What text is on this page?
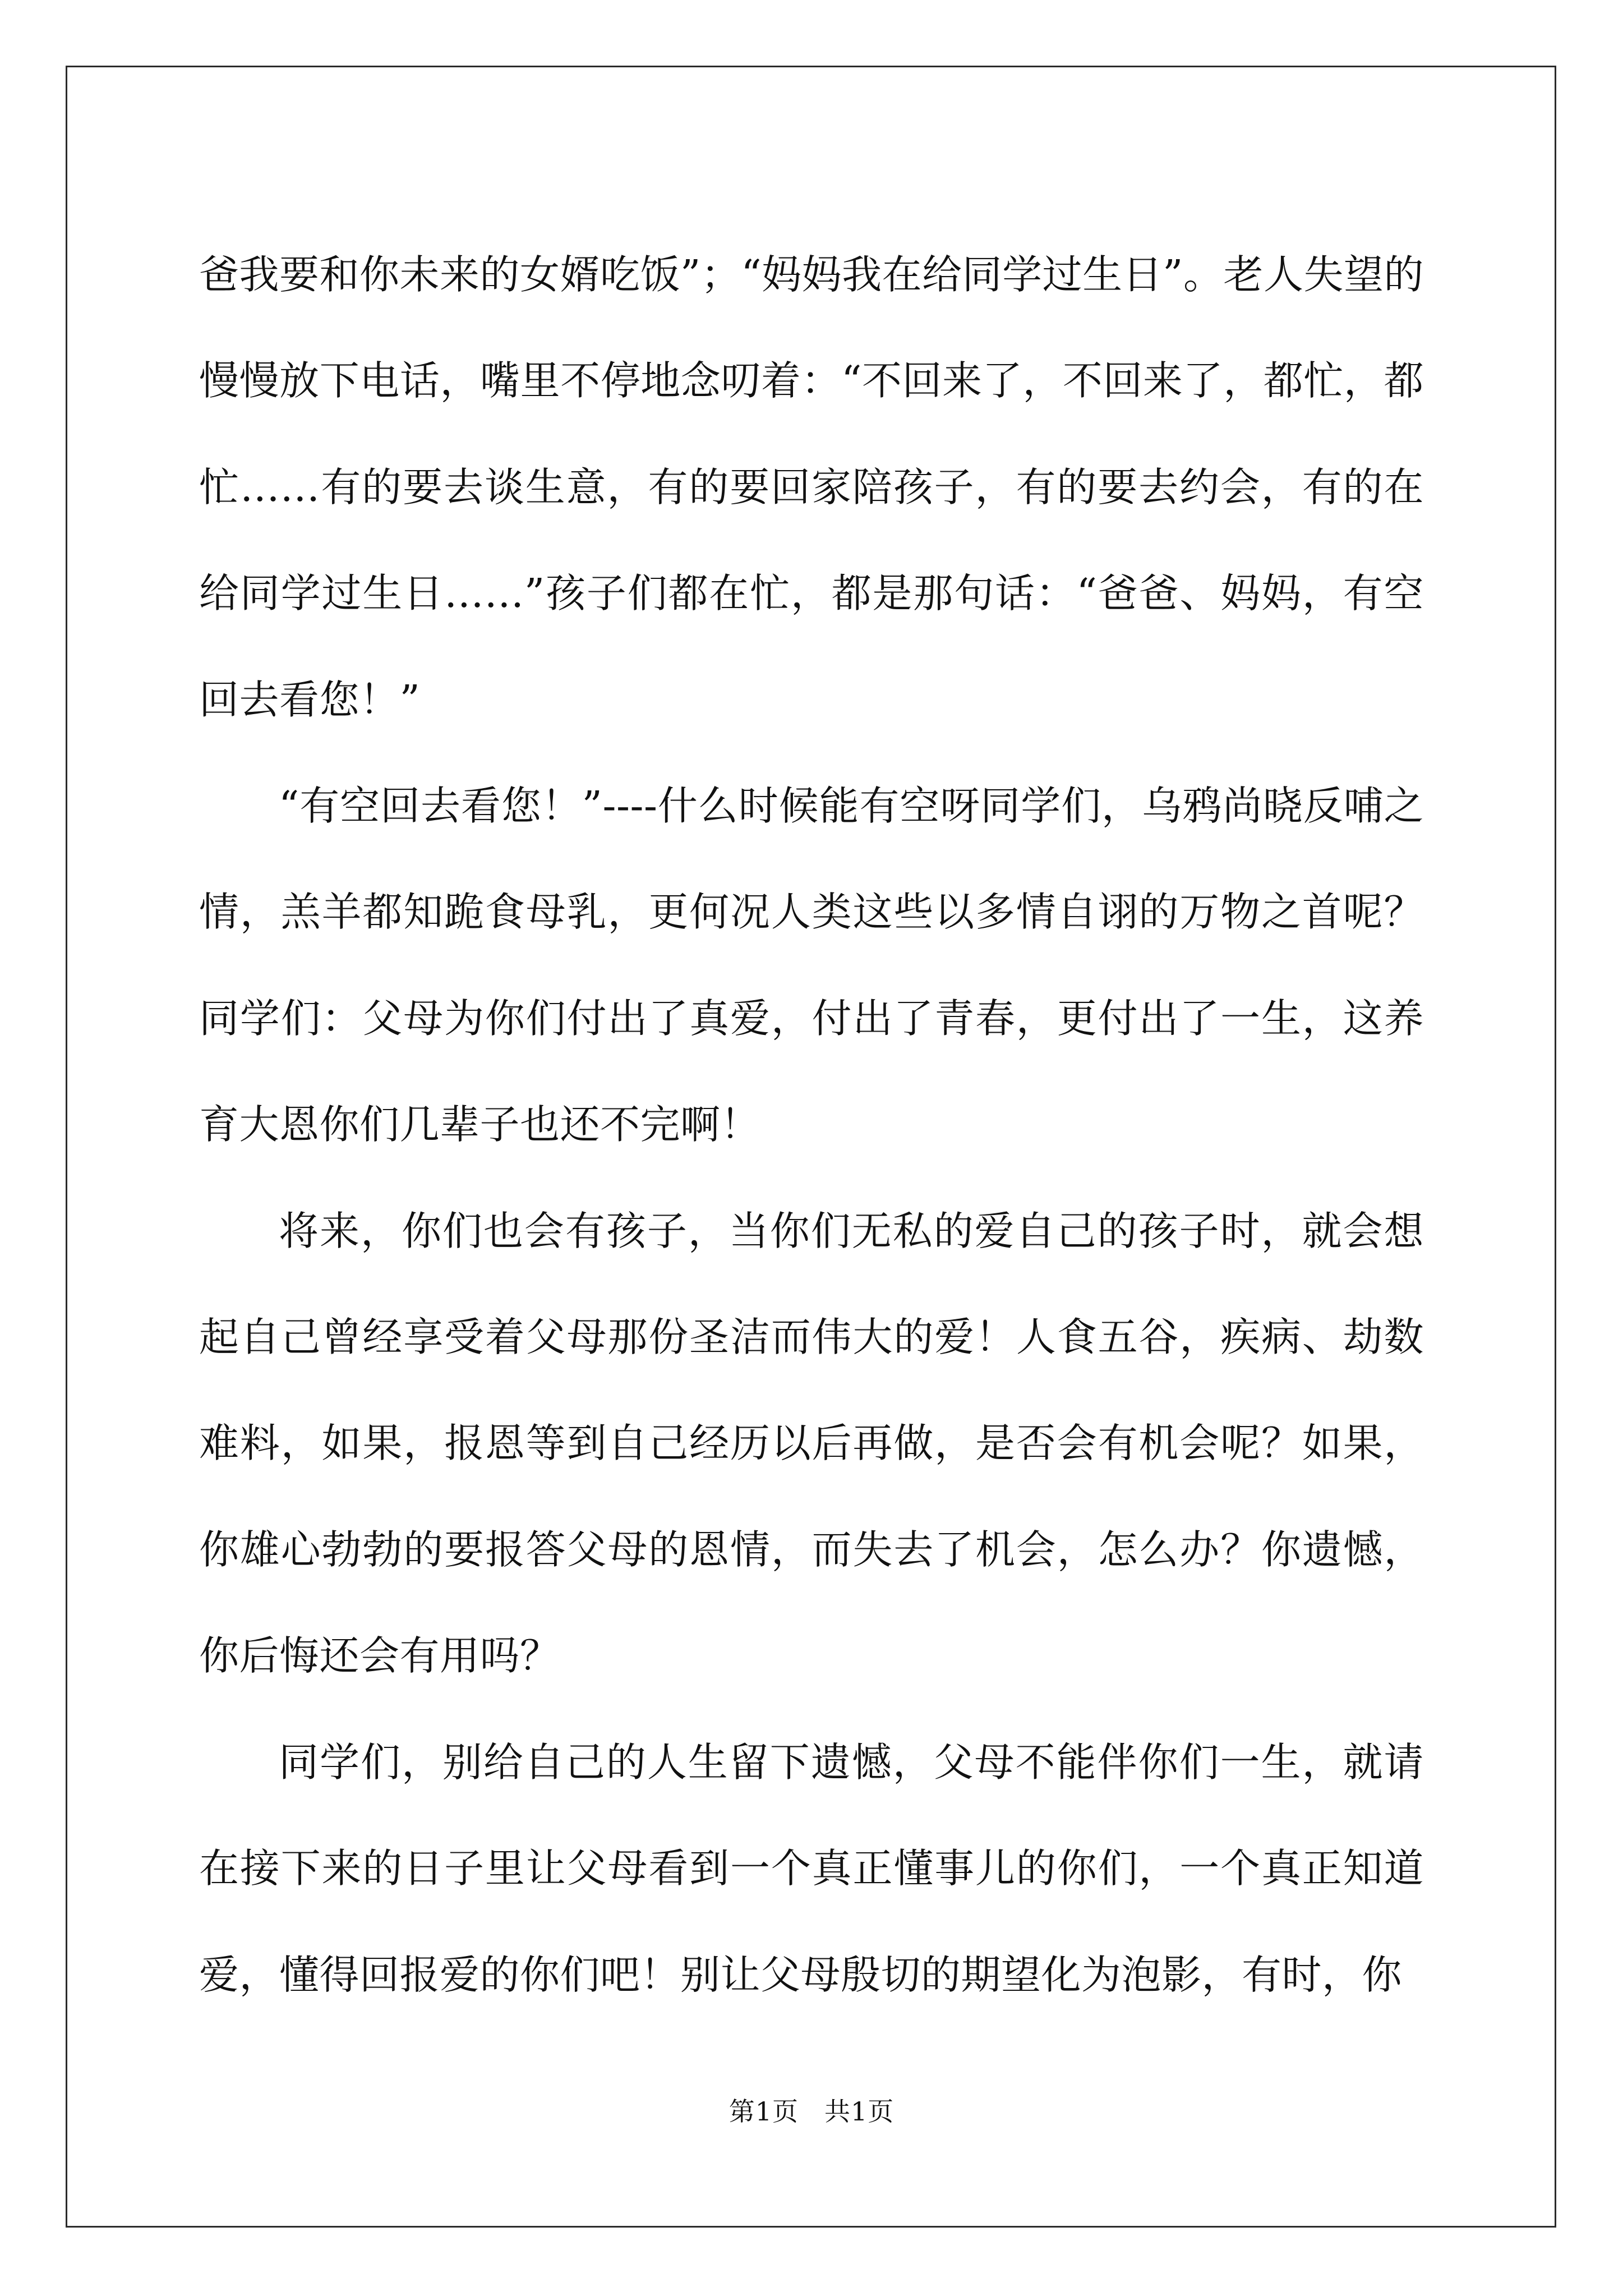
爸我要和你未来的女婿吃饭”；“妈妈我在给同学过生日”。老人失望的慢慢放下电话，嘴里不停地念叨着：“不回来了，不回来了，都忙，都忙……有的要去谈生意，有的要回家陪孩子，有的要去约会，有的在给同学过生日……”孩子们都在忙，都是那句话：“爸爸、妈妈，有空回去看您！”

“有空回去看您！”----什么时候能有空呀同学们，乌鸦尚晓反哺之情，羔羊都知跪食母乳，更何况人类这些以多情自诩的万物之首呢？同学们：父母为你们付出了真爱，付出了青春，更付出了一生，这养育大恩你们几辈子也还不完啊！

将来，你们也会有孩子，当你们无私的爱自己的孩子时，就会想起自己曾经享受着父母那份圣洁而伟大的爱！人食五谷，疾病、劫数难料，如果，报恩等到自己经历以后再做，是否会有机会呢？如果，你雄心勃勃的要报答父母的恩情，而失去了机会，怎么办？你遗憾，你后悔还会有用吗？

同学们，别给自己的人生留下遗憾，父母不能伴你们一生，就请在接下来的日子里让父母看到一个真正懂事儿的你们，一个真正知道爱，懂得回报爱的你们吧！别让父母殷切的期望化为泡影，有时，你

第1页 共1页
